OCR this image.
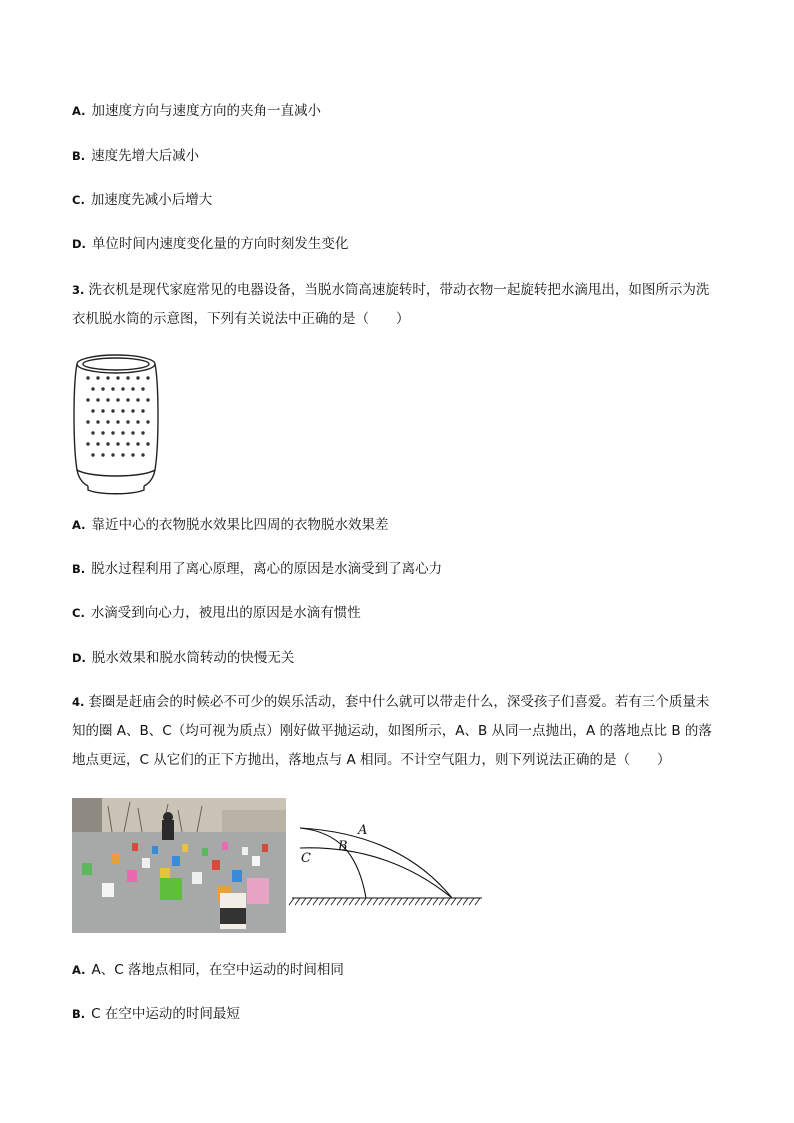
A. 加速度方向与速度方向的夹角一直减小
B. 速度先增大后减小
C. 加速度先减小后增大
D. 单位时间内速度变化量的方向时刻发生变化
3. 洗衣机是现代家庭常见的电器设备，当脱水筒高速旋转时，带动衣物一起旋转把水滴甩出，如图所示为洗衣机脱水筒的示意图，下列有关说法中正确的是（　　）
A. 靠近中心的衣物脱水效果比四周的衣物脱水效果差
B. 脱水过程利用了离心原理，离心的原因是水滴受到了离心力
C. 水滴受到向心力，被甩出的原因是水滴有惯性
D. 脱水效果和脱水筒转动的快慢无关
4. 套圈是赶庙会的时候必不可少的娱乐活动，套中什么就可以带走什么，深受孩子们喜爱。若有三个质量未知的圈 A、B、C（均可视为质点）刚好做平抛运动，如图所示，A、B 从同一点抛出，A 的落地点比 B 的落地点更远，C 从它们的正下方抛出，落地点与 A 相同。不计空气阻力，则下列说法正确的是（　　）
A
B
C
A. A、C 落地点相同，在空中运动的时间相同
B. C 在空中运动的时间最短
